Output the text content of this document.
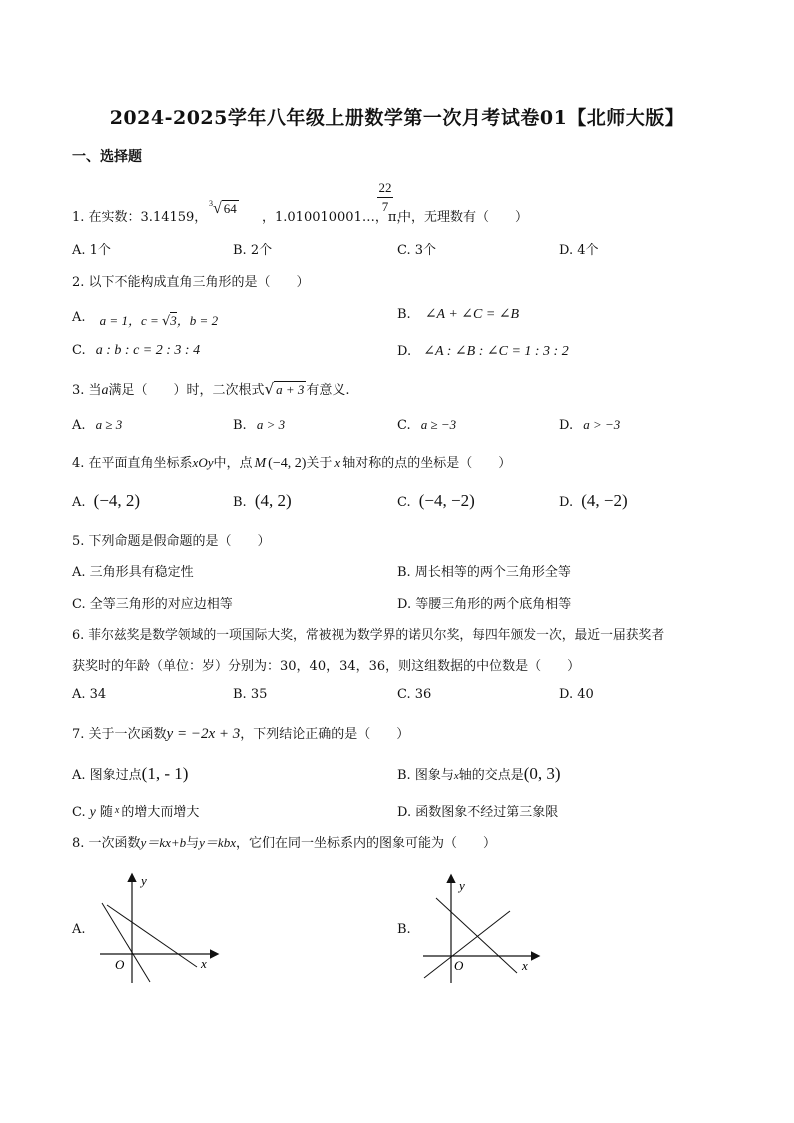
2024-2025学年八年级上册数学第一次月考试卷01【北师大版】
一、选择题
1. 在实数：3.14159，
$^3$√ 64
，1.010010001…，π，
22
7
中，无理数有（　　）
A. 1个	B. 2个	C. 3个	D. 4个
2. 以下不能构成直角三角形的是（　　）
A. a = 1，c = √3，b = 2	B. ∠A + ∠C = ∠B
C. a : b : c = 2 : 3 : 4	D. ∠A : ∠B : ∠C = 1 : 3 : 2
3. 当a满足（　　）时，二次根式√ a + 3 有意义.
A. a ≥ 3	B. a > 3	C. a ≥ −3	D. a > −3
4. 在平面直角坐标系xOy中，点 M (−4, 2)关于 x 轴对称的点的坐标是（　　）
A. (−4, 2)	B. (4, 2)	C. (−4, −2)	D. (4, −2)
5. 下列命题是假命题的是（　　）
A. 三角形具有稳定性	B. 周长相等的两个三角形全等
C. 全等三角形的对应边相等	D. 等腰三角形的两个底角相等
6. 菲尔兹奖是数学领域的一项国际大奖，常被视为数学界的诺贝尔奖，每四年颁发一次，最近一届获奖者
获奖时的年龄（单位：岁）分别为：30，40，34，36，则这组数据的中位数是（　　）
A. 34	B. 35	C. 36	D. 40
7. 关于一次函数y = −2x + 3，下列结论正确的是（　　）
A. 图象过点(1, - 1)	B. 图象与x轴的交点是(0, 3)
C. y 随 $^x$ 的增大而增大	D. 函数图象不经过第三象限
8. 一次函数y＝kx+b与y＝kbx，它们在同一坐标系内的图象可能为（　　）
A.
y
x
O
B.
y
x
O
